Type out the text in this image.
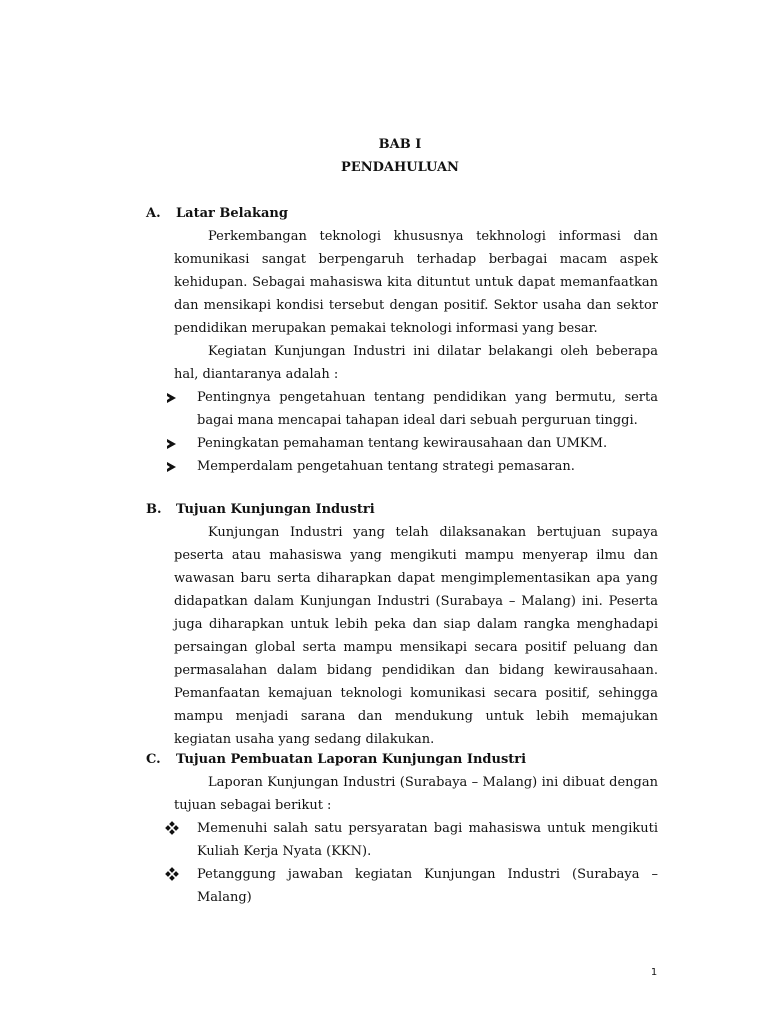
BAB I
PENDAHULUAN
A. Latar Belakang
Perkembangan teknologi khususnya tekhnologi informasi dan komunikasi sangat berpengaruh terhadap berbagai macam aspek kehidupan. Sebagai mahasiswa kita dituntut untuk dapat memanfaatkan dan mensikapi kondisi tersebut dengan positif. Sektor usaha dan sektor pendidikan merupakan pemakai teknologi informasi yang besar.
Kegiatan Kunjungan Industri ini dilatar belakangi oleh beberapa hal, diantaranya adalah :
Pentingnya pengetahuan tentang pendidikan yang bermutu, serta bagai mana mencapai tahapan ideal dari sebuah perguruan tinggi.
Peningkatan pemahaman tentang kewirausahaan dan UMKM.
Memperdalam pengetahuan tentang strategi pemasaran.
B. Tujuan Kunjungan Industri
Kunjungan Industri yang telah dilaksanakan bertujuan supaya peserta atau mahasiswa yang mengikuti mampu menyerap ilmu dan wawasan baru serta diharapkan dapat mengimplementasikan apa yang didapatkan dalam Kunjungan Industri (Surabaya – Malang) ini. Peserta juga diharapkan untuk lebih peka dan siap dalam rangka menghadapi persaingan global serta mampu mensikapi secara positif peluang dan permasalahan dalam bidang pendidikan dan bidang kewirausahaan. Pemanfaatan kemajuan teknologi komunikasi secara positif, sehingga mampu menjadi sarana dan mendukung untuk lebih memajukan kegiatan usaha yang sedang dilakukan.
C. Tujuan Pembuatan Laporan Kunjungan Industri
Laporan Kunjungan Industri (Surabaya – Malang) ini dibuat dengan tujuan sebagai berikut :
Memenuhi salah satu persyaratan bagi mahasiswa untuk mengikuti Kuliah Kerja Nyata (KKN).
Petanggung jawaban kegiatan Kunjungan Industri (Surabaya – Malang)
1
